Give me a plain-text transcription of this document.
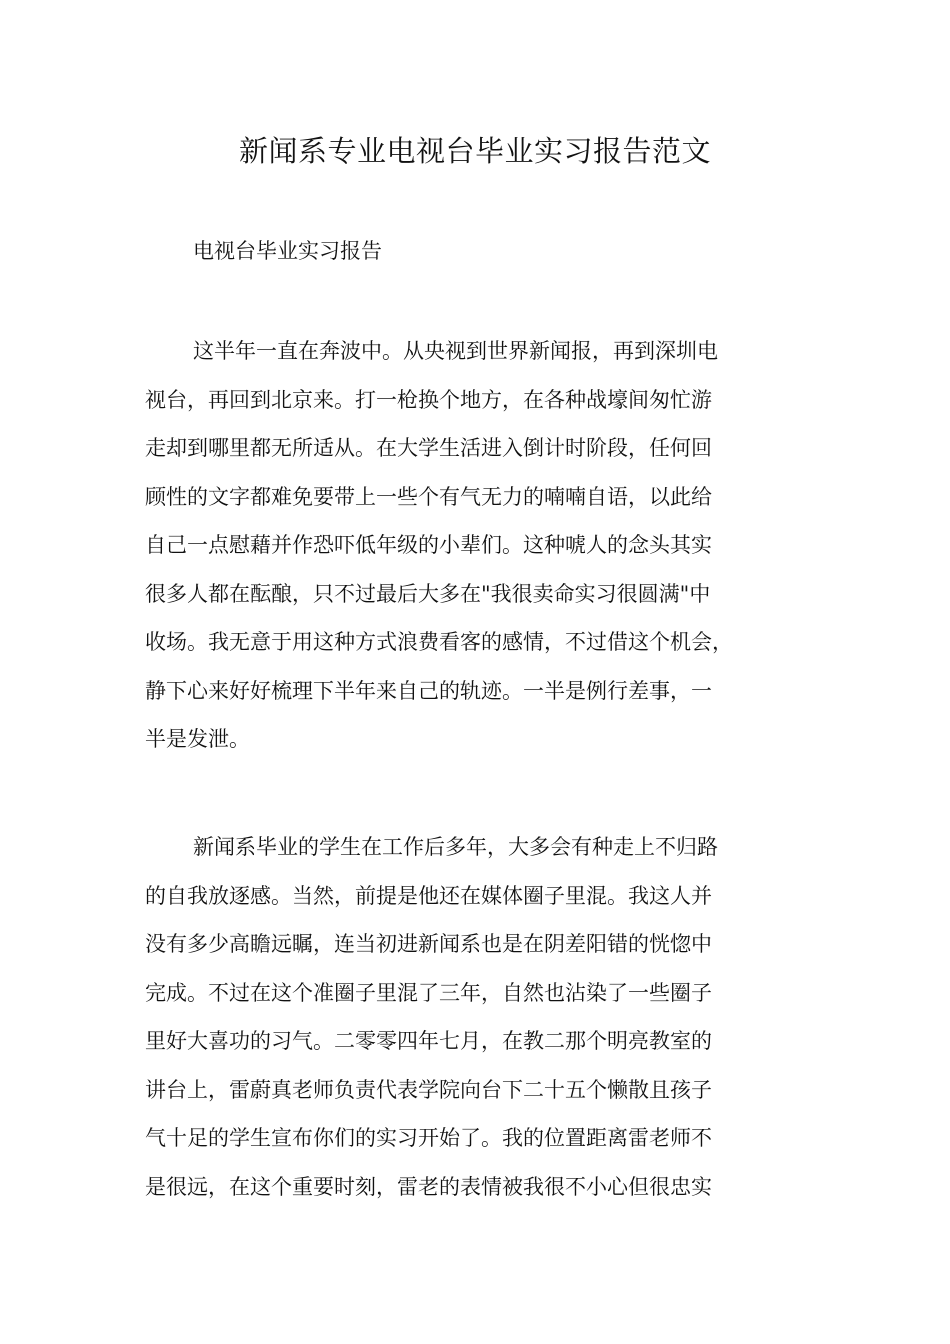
新闻系专业电视台毕业实习报告范文

电视台毕业实习报告

这半年一直在奔波中。从央视到世界新闻报，再到深圳电
视台，再回到北京来。打一枪换个地方，在各种战壕间匆忙游
走却到哪里都无所适从。在大学生活进入倒计时阶段，任何回
顾性的文字都难免要带上一些个有气无力的喃喃自语，以此给
自己一点慰藉并作恐吓低年级的小辈们。这种唬人的念头其实
很多人都在酝酿，只不过最后大多在"我很卖命实习很圆满"中
收场。我无意于用这种方式浪费看客的感情，不过借这个机会，
静下心来好好梳理下半年来自己的轨迹。一半是例行差事，一
半是发泄。
新闻系毕业的学生在工作后多年，大多会有种走上不归路
的自我放逐感。当然，前提是他还在媒体圈子里混。我这人并
没有多少高瞻远瞩，连当初进新闻系也是在阴差阳错的恍惚中
完成。不过在这个准圈子里混了三年，自然也沾染了一些圈子
里好大喜功的习气。二零零四年七月，在教二那个明亮教室的
讲台上，雷蔚真老师负责代表学院向台下二十五个懒散且孩子
气十足的学生宣布你们的实习开始了。我的位置距离雷老师不
是很远，在这个重要时刻，雷老的表情被我很不小心但很忠实
